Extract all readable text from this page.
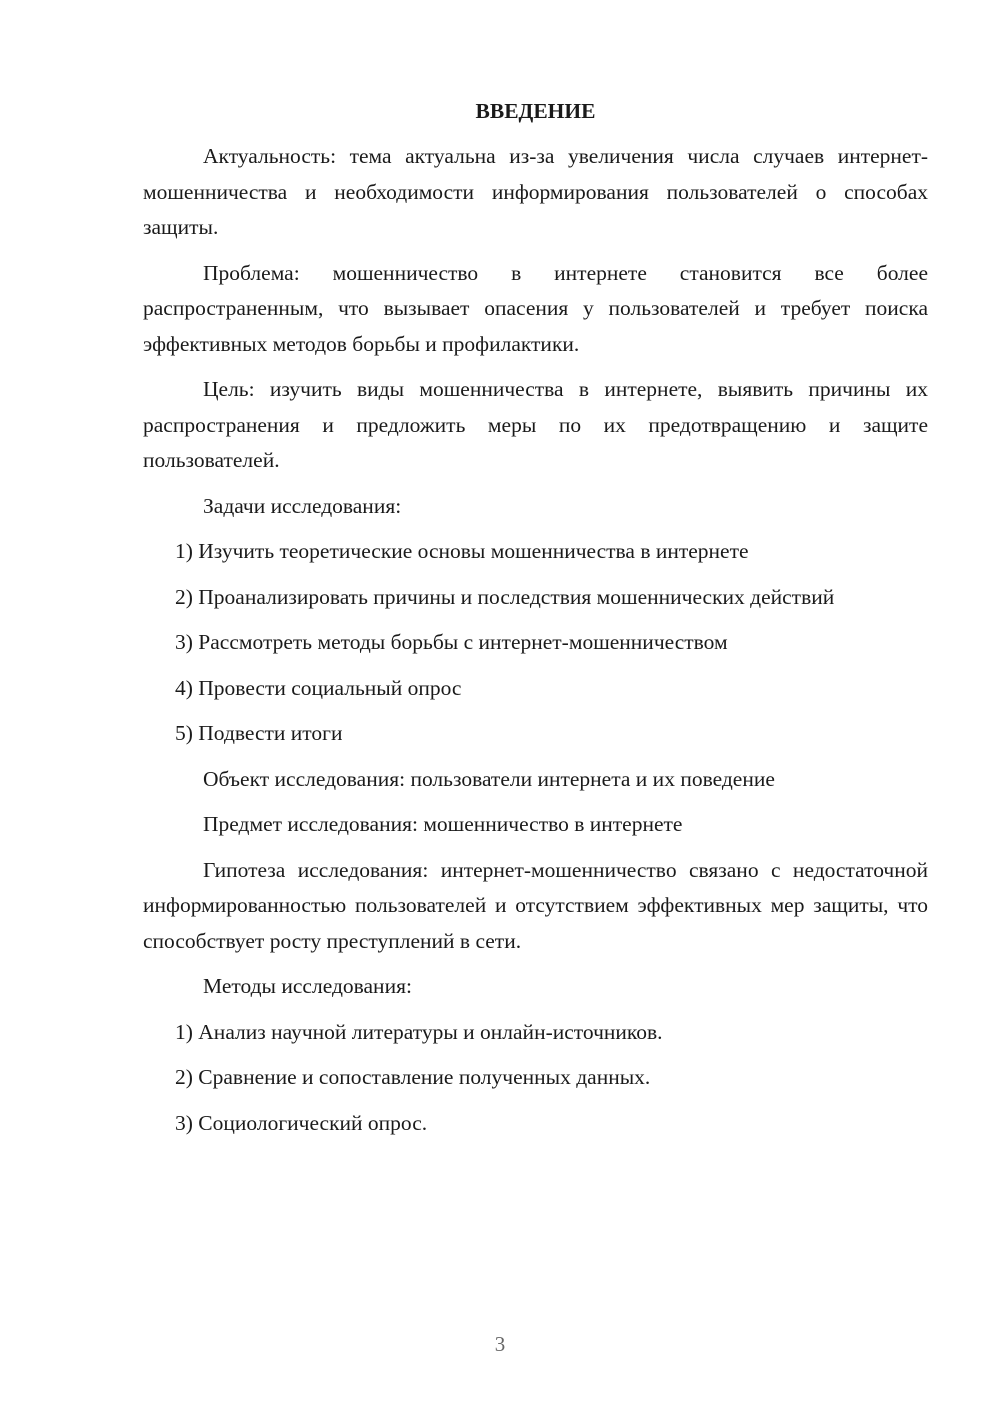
ВВЕДЕНИЕ
Актуальность: тема актуальна из-за увеличения числа случаев интернет-мошенничества и необходимости информирования пользователей о способах защиты.
Проблема: мошенничество в интернете становится все более распространенным, что вызывает опасения у пользователей и требует поиска эффективных методов борьбы и профилактики.
Цель: изучить виды мошенничества в интернете, выявить причины их распространения и предложить меры по их предотвращению и защите пользователей.
Задачи исследования:
1) Изучить теоретические основы мошенничества в интернете
2) Проанализировать причины и последствия мошеннических действий
3) Рассмотреть методы борьбы с интернет-мошенничеством
4) Провести социальный опрос
5) Подвести итоги
Объект исследования: пользователи интернета и их поведение
Предмет исследования: мошенничество в интернете
Гипотеза исследования: интернет-мошенничество связано с недостаточной информированностью пользователей и отсутствием эффективных мер защиты, что способствует росту преступлений в сети.
Методы исследования:
1) Анализ научной литературы и онлайн-источников.
2) Сравнение и сопоставление полученных данных.
3) Социологический опрос.
3
